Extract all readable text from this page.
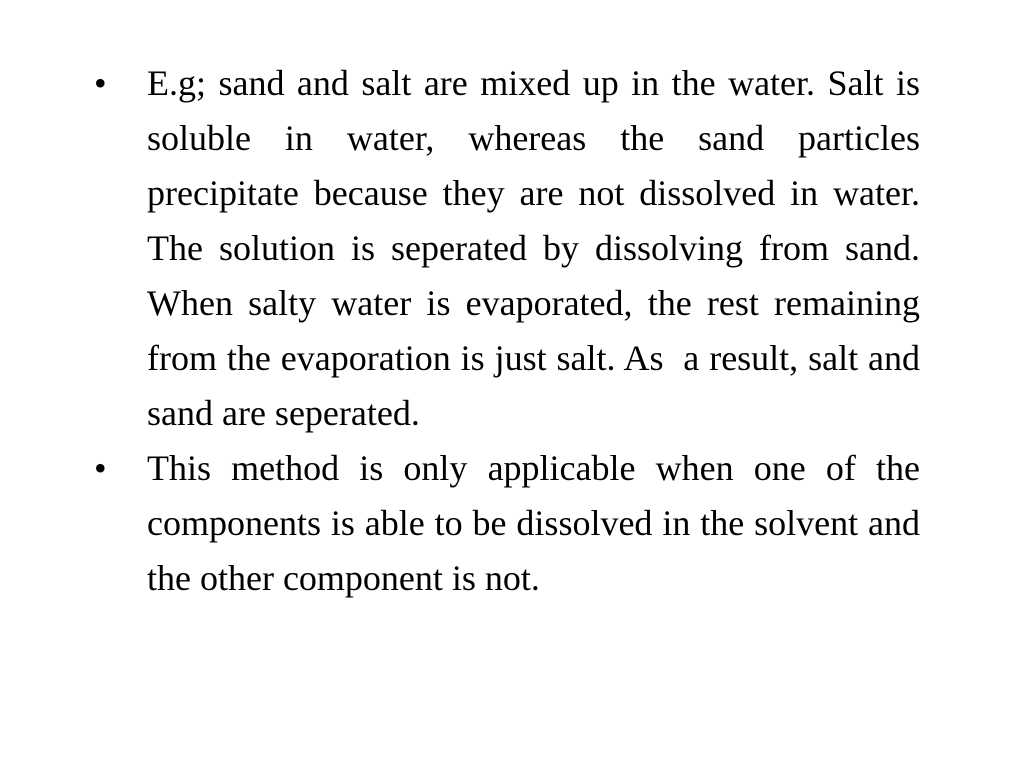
• E.g; sand and salt are mixed up in the water. Salt is soluble in water, whereas the sand particles precipitate because they are not dissolved in water. The solution is seperated by dissolving from sand. When salty water is evaporated, the rest remaining from the evaporation is just salt. As  a result, salt and sand are seperated.
• This method is only applicable when one of the components is able to be dissolved in the solvent and the other component is not.
